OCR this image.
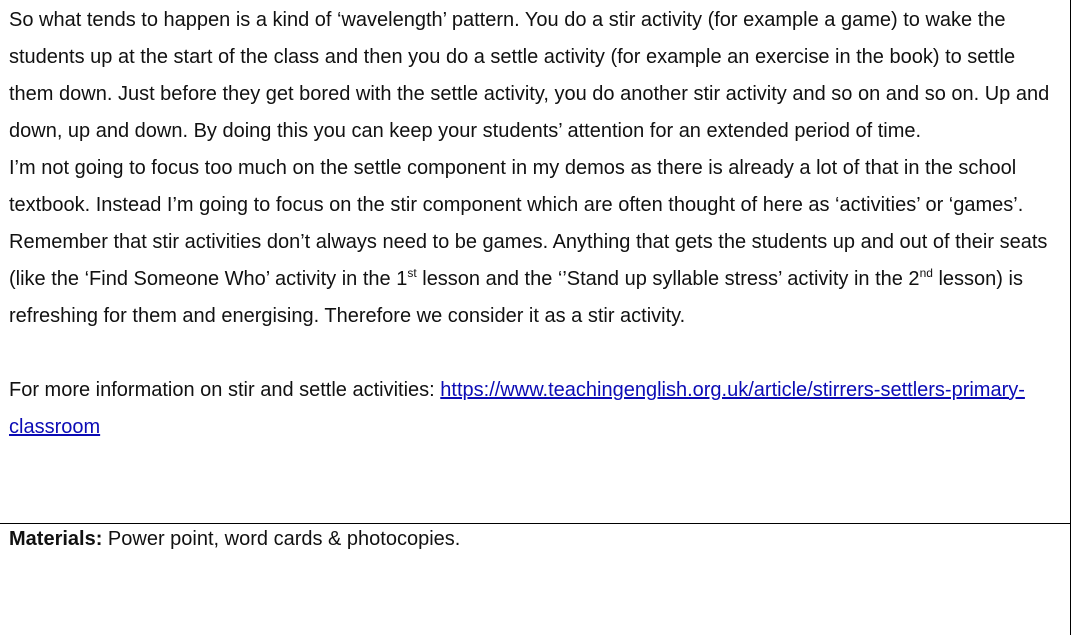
So what tends to happen is a kind of ‘wavelength’ pattern. You do a stir activity (for example a game) to wake the students up at the start of the class and then you do a settle activity (for example an exercise in the book) to settle them down. Just before they get bored with the settle activity, you do another stir activity and so on and so on. Up and down, up and down. By doing this you can keep your students’ attention for an extended period of time.

I’m not going to focus too much on the settle component in my demos as there is already a lot of that in the school textbook. Instead I’m going to focus on the stir component which are often thought of here as ‘activities’ or ‘games’.

Remember that stir activities don’t always need to be games. Anything that gets the students up and out of their seats (like the ‘Find Someone Who’ activity in the 1st lesson and the ‘’Stand up syllable stress’ activity in the 2nd lesson) is refreshing for them and energising. Therefore we consider it as a stir activity.

For more information on stir and settle activities: https://www.teachingenglish.org.uk/article/stirrers-settlers-primary-classroom

Materials: Power point, word cards & photocopies.
